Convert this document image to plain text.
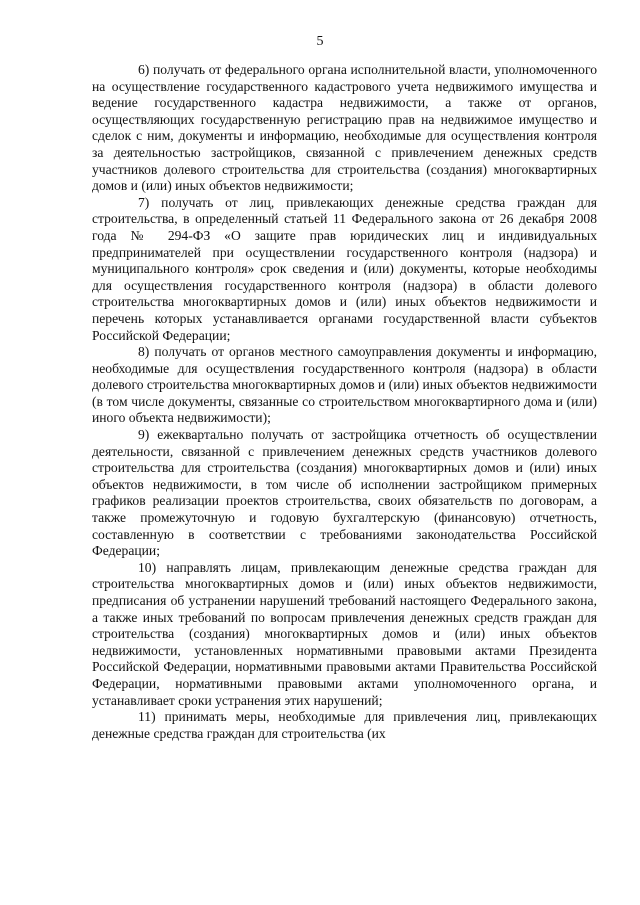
5

6) получать от федерального органа исполнительной власти, уполномоченного на осуществление государственного кадастрового учета недвижимого имущества и ведение государственного кадастра недвижимости, а также от органов, осуществляющих государственную регистрацию прав на недвижимое имущество и сделок с ним, документы и информацию, необходимые для осуществления контроля за деятельностью застройщиков, связанной с привлечением денежных средств участников долевого строительства для строительства (создания) многоквартирных домов и (или) иных объектов недвижимости;

7) получать от лиц, привлекающих денежные средства граждан для строительства, в определенный статьей 11 Федерального закона от 26 декабря 2008 года № 294-ФЗ «О защите прав юридических лиц и индивидуальных предпринимателей при осуществлении государственного контроля (надзора) и муниципального контроля» срок сведения и (или) документы, которые необходимы для осуществления государственного контроля (надзора) в области долевого строительства многоквартирных домов и (или) иных объектов недвижимости и перечень которых устанавливается органами государственной власти субъектов Российской Федерации;

8) получать от органов местного самоуправления документы и информацию, необходимые для осуществления государственного контроля (надзора) в области долевого строительства многоквартирных домов и (или) иных объектов недвижимости (в том числе документы, связанные со строительством многоквартирного дома и (или) иного объекта недвижимости);

9) ежеквартально получать от застройщика отчетность об осуществлении деятельности, связанной с привлечением денежных средств участников долевого строительства для строительства (создания) многоквартирных домов и (или) иных объектов недвижимости, в том числе об исполнении застройщиком примерных графиков реализации проектов строительства, своих обязательств по договорам, а также промежуточную и годовую бухгалтерскую (финансовую) отчетность, составленную в соответствии с требованиями законодательства Российской Федерации;

10) направлять лицам, привлекающим денежные средства граждан для строительства многоквартирных домов и (или) иных объектов недвижимости, предписания об устранении нарушений требований настоящего Федерального закона, а также иных требований по вопросам привлечения денежных средств граждан для строительства (создания) многоквартирных домов и (или) иных объектов недвижимости, установленных нормативными правовыми актами Президента Российской Федерации, нормативными правовыми актами Правительства Российской Федерации, нормативными правовыми актами уполномоченного органа, и устанавливает сроки устранения этих нарушений;

11) принимать меры, необходимые для привлечения лиц, привлекающих денежные средства граждан для строительства (их
